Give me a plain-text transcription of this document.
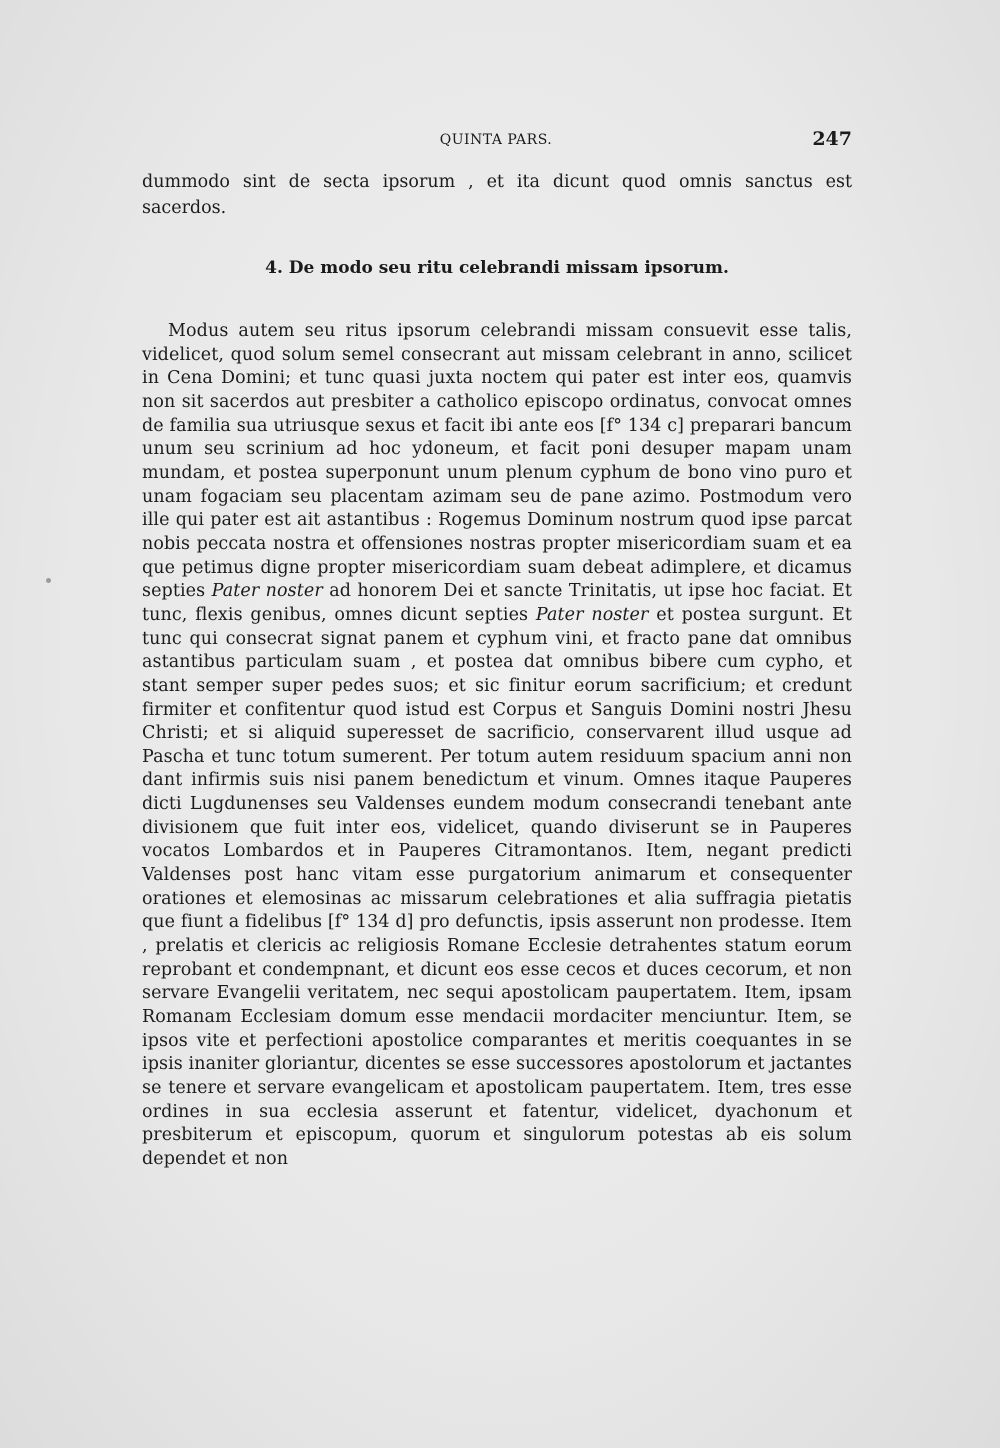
QUINTA PARS.	247
dummodo sint de secta ipsorum , et ita dicunt quod omnis sanctus est
sacerdos.
4. De modo seu ritu celebrandi missam ipsorum.
Modus autem seu ritus ipsorum celebrandi missam consuevit esse talis, videlicet, quod solum semel consecrant aut missam celebrant in anno, scilicet in Cena Domini; et tunc quasi juxta noctem qui pater est inter eos, quamvis non sit sacerdos aut presbiter a catholico episcopo ordinatus, convocat omnes de familia sua utriusque sexus et facit ibi ante eos [f° 134 c] preparari bancum unum seu scrinium ad hoc ydoneum, et facit poni desuper mapam unam mundam, et postea superponunt unum plenum cyphum de bono vino puro et unam fogaciam seu placentam azimam seu de pane azimo. Postmodum vero ille qui pater est ait astantibus : Rogemus Dominum nostrum quod ipse parcat nobis peccata nostra et offensiones nostras propter misericordiam suam et ea que petimus digne propter misericordiam suam debeat adimplere, et dicamus septies Pater noster ad honorem Dei et sancte Trinitatis, ut ipse hoc faciat. Et tunc, flexis genibus, omnes dicunt septies Pater noster et postea surgunt. Et tunc qui consecrat signat panem et cyphum vini, et fracto pane dat omnibus astantibus particulam suam , et postea dat omnibus bibere cum cypho, et stant semper super pedes suos; et sic finitur eorum sacrificium; et credunt firmiter et confitentur quod istud est Corpus et Sanguis Domini nostri Jhesu Christi; et si aliquid superesset de sacrificio, conservarent illud usque ad Pascha et tunc totum sumerent. Per totum autem residuum spacium anni non dant infirmis suis nisi panem benedictum et vinum. Omnes itaque Pauperes dicti Lugdunenses seu Valdenses eundem modum consecrandi tenebant ante divisionem que fuit inter eos, videlicet, quando diviserunt se in Pauperes vocatos Lombardos et in Pauperes Citramontanos. Item, negant predicti Valdenses post hanc vitam esse purgatorium animarum et consequenter orationes et elemosinas ac missarum celebrationes et alia suffragia pietatis que fiunt a fidelibus [f° 134 d] pro defunctis, ipsis asserunt non prodesse. Item , prelatis et clericis ac religiosis Romane Ecclesie detrahentes statum eorum reprobant et condempnant, et dicunt eos esse cecos et duces cecorum, et non servare Evangelii veritatem, nec sequi apostolicam paupertatem. Item, ipsam Romanam Ecclesiam domum esse mendacii mordaciter menciuntur. Item, se ipsos vite et perfectioni apostolice comparantes et meritis coequantes in se ipsis inaniter gloriantur, dicentes se esse successores apostolorum et jactantes se tenere et servare evangelicam et apostolicam paupertatem. Item, tres esse ordines in sua ecclesia asserunt et fatentur, videlicet, dyachonum et presbiterum et episcopum, quorum et singulorum potestas ab eis solum dependet et non
